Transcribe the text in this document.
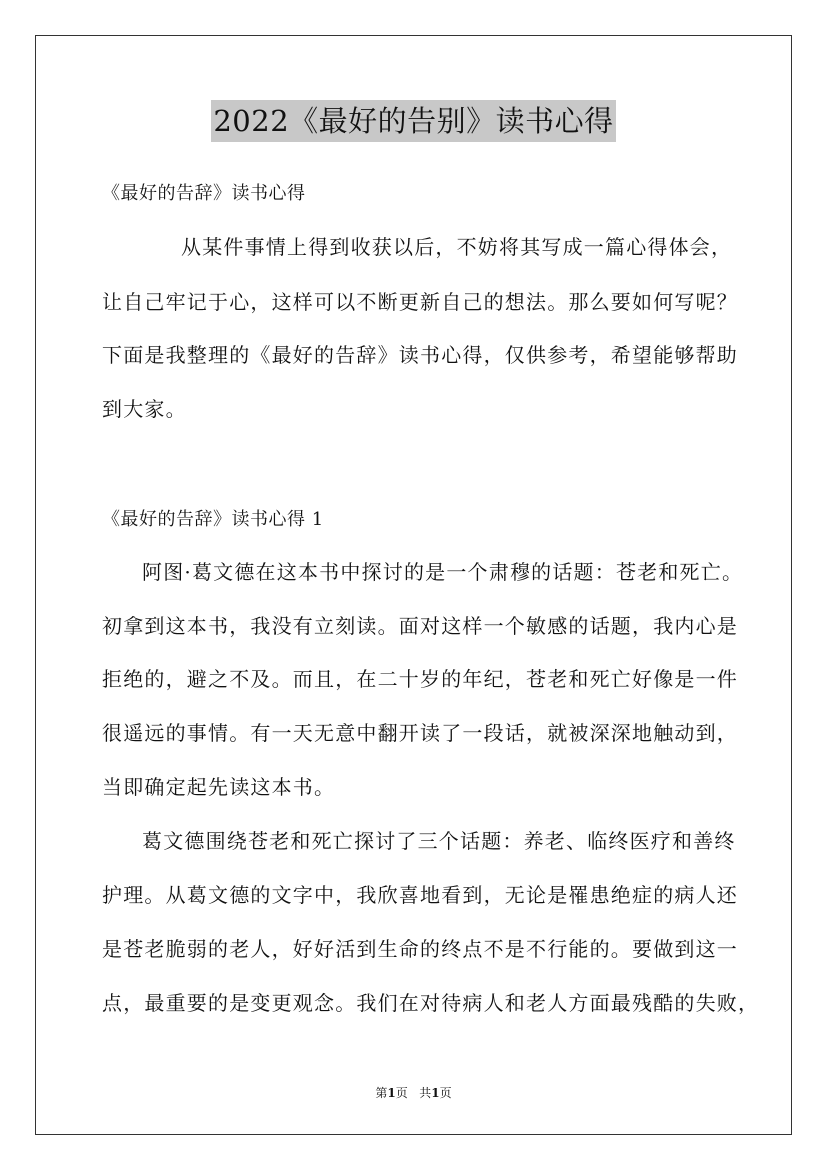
2022《最好的告别》读书心得
《最好的告辞》读书心得
从某件事情上得到收获以后，不妨将其写成一篇心得体会，
让自己牢记于心，这样可以不断更新自己的想法。那么要如何写呢？
下面是我整理的《最好的告辞》读书心得，仅供参考，希望能够帮助
到大家。
《最好的告辞》读书心得 1
阿图·葛文德在这本书中探讨的是一个肃穆的话题：苍老和死亡。
初拿到这本书，我没有立刻读。面对这样一个敏感的话题，我内心是
拒绝的，避之不及。而且，在二十岁的年纪，苍老和死亡好像是一件
很遥远的事情。有一天无意中翻开读了一段话，就被深深地触动到，
当即确定起先读这本书。
葛文德围绕苍老和死亡探讨了三个话题：养老、临终医疗和善终
护理。从葛文德的文字中，我欣喜地看到，无论是罹患绝症的病人还
是苍老脆弱的老人，好好活到生命的终点不是不行能的。要做到这一
点，最重要的是变更观念。我们在对待病人和老人方面最残酷的失败，
第1页 共1页
